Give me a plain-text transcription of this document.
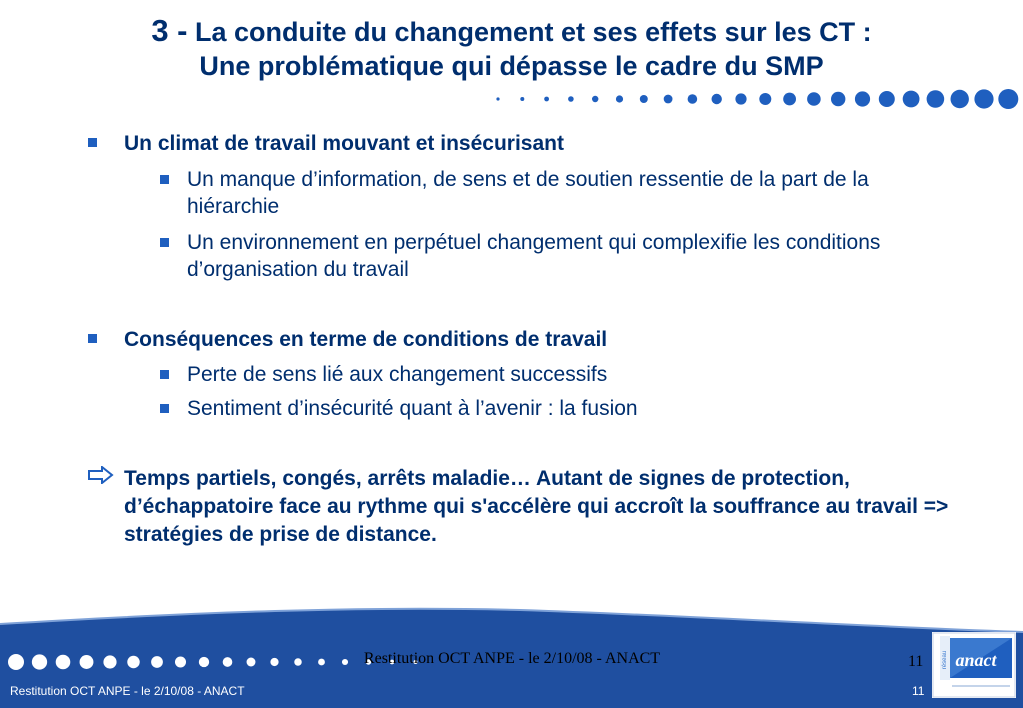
3 - La conduite du changement et ses effets sur les CT :
Une problématique qui dépasse le cadre du SMP
Un climat de travail mouvant et insécurisant
Un manque d’information, de sens et de soutien ressentie de la part de la hiérarchie
Un environnement en perpétuel changement qui complexifie les conditions d’organisation du travail
Conséquences en terme de conditions de travail
Perte de sens lié aux changement successifs
Sentiment d’insécurité quant à l’avenir : la fusion
Temps partiels, congés, arrêts maladie… Autant de signes de protection, d’échappatoire face au rythme qui s'accélère qui accroît la souffrance au travail => stratégies de prise de distance.
Restitution OCT ANPE - le 2/10/08 - ANACT	11
Restitution OCT ANPE - le 2/10/08 - ANACT	11
anact
réseau
